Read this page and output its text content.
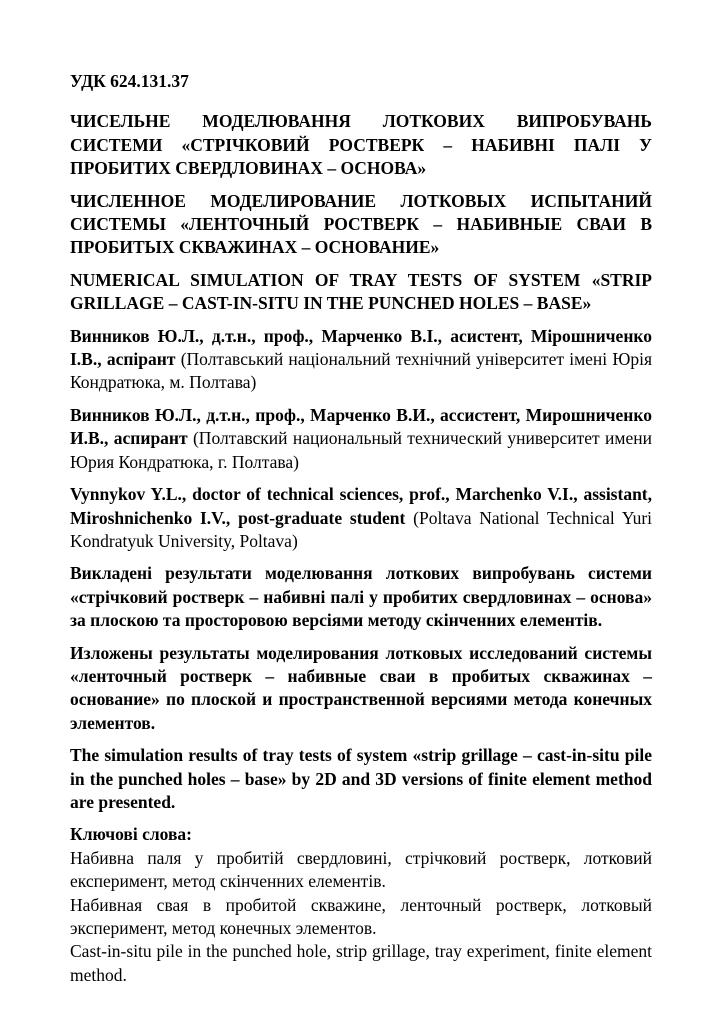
УДК 624.131.37

ЧИСЕЛЬНЕ МОДЕЛЮВАННЯ ЛОТКОВИХ ВИПРОБУВАНЬ СИСТЕМИ «СТРІЧКОВИЙ РОСТВЕРК – НАБИВНІ ПАЛІ У ПРОБИТИХ СВЕРДЛОВИНАХ – ОСНОВА»

ЧИСЛЕННОЕ МОДЕЛИРОВАНИЕ ЛОТКОВЫХ ИСПЫТАНИЙ СИСТЕМЫ «ЛЕНТОЧНЫЙ РОСТВЕРК – НАБИВНЫЕ СВАИ В ПРОБИТЫХ СКВАЖИНАХ – ОСНОВАНИЕ»

NUMERICAL SIMULATION OF TRAY TESTS OF SYSTEM «STRIP GRILLAGE – CAST-IN-SITU IN THE PUNCHED HOLES – BASE»

Винников Ю.Л., д.т.н., проф., Марченко В.І., асистент, Мірошниченко І.В., аспірант (Полтавський національний технічний університет імені Юрія Кондратюка, м. Полтава)

Винников Ю.Л., д.т.н., проф., Марченко В.И., ассистент, Мирошниченко И.В., аспирант (Полтавский национальный технический университет имени Юрия Кондратюка, г. Полтава)

Vynnykov Y.L., doctor of technical sciences, prof., Marchenko V.I., assistant, Miroshnichenko I.V., post-graduate student (Poltava National Technical Yuri Kondratyuk University, Poltava)

Викладені результати моделювання лоткових випробувань системи «стрічковий ростверк – набивні палі у пробитих свердловинах – основа» за плоскою та просторовою версіями методу скінченних елементів.

Изложены результаты моделирования лотковых исследований системы «ленточный ростверк – набивные сваи в пробитых скважинах – основание» по плоской и пространственной версиями метода конечных элементов.

The simulation results of tray tests of system «strip grillage – cast-in-situ pile in the punched holes – base» by 2D and 3D versions of finite element method are presented.

Ключові слова:

Набивна паля у пробитій свердловині, стрічковий ростверк, лотковий експеримент, метод скінченних елементів.

Набивная свая в пробитой скважине, ленточный ростверк, лотковый эксперимент, метод конечных элементов.

Cast-in-situ pile in the punched hole, strip grillage, tray experiment, finite element method.
